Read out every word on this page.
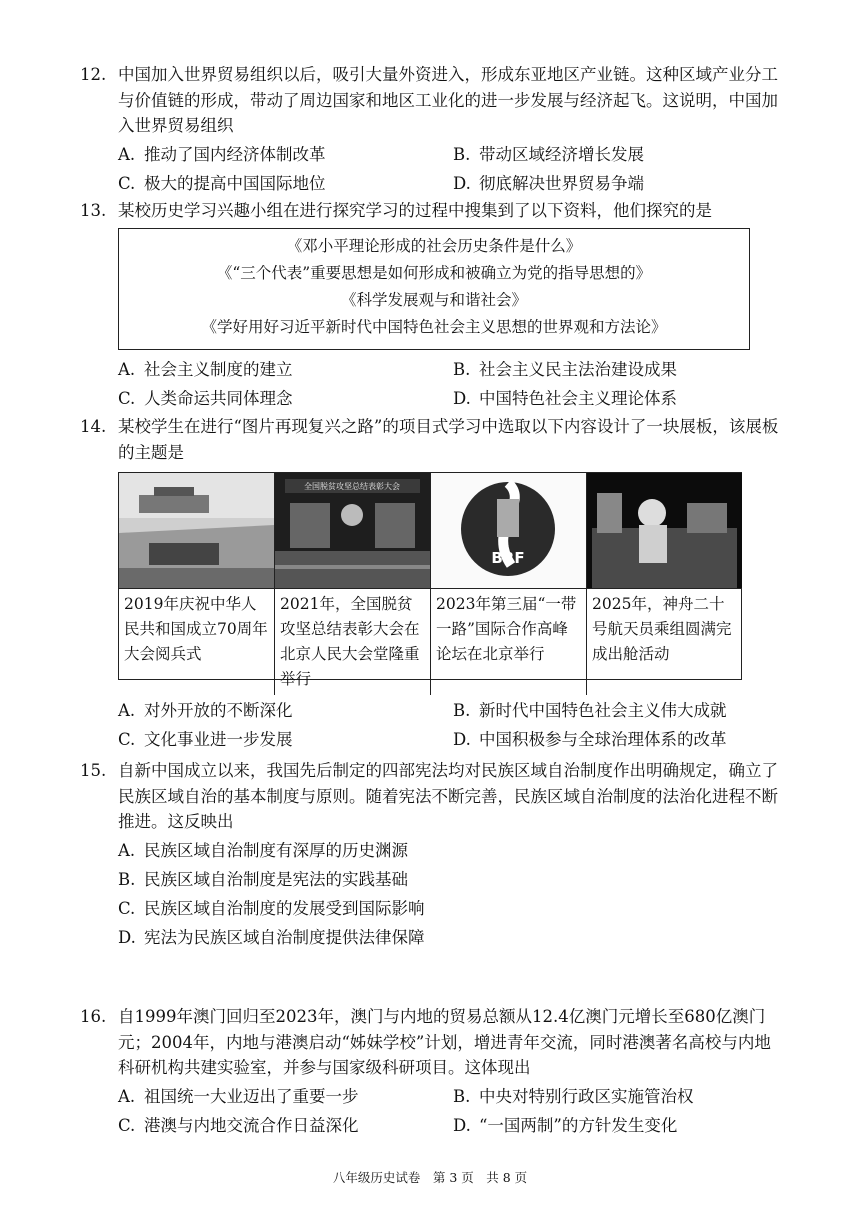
12. 中国加入世界贸易组织以后，吸引大量外资进入，形成东亚地区产业链。这种区域产业分工与价值链的形成，带动了周边国家和地区工业化的进一步发展与经济起飞。这说明，中国加入世界贸易组织

A. 推动了国内经济体制改革	B. 带动区域经济增长发展
C. 极大的提高中国国际地位	D. 彻底解决世界贸易争端

13. 某校历史学习兴趣小组在进行探究学习的过程中搜集到了以下资料，他们探究的是

《邓小平理论形成的社会历史条件是什么》
《“三个代表”重要思想是如何形成和被确立为党的指导思想的》
《科学发展观与和谐社会》
《学好用好习近平新时代中国特色社会主义思想的世界观和方法论》
A. 社会主义制度的建立	B. 社会主义民主法治建设成果
C. 人类命运共同体理念	D. 中国特色社会主义理论体系

14. 某校学生在进行“图片再现复兴之路”的项目式学习中选取以下内容设计了一块展板，该展板的主题是

2019年庆祝中华人民共和国成立70周年大会阅兵式
全国脱贫攻坚总结表彰大会
2021年，全国脱贫攻坚总结表彰大会在北京人民大会堂隆重举行
BRF
2023年第三届“一带一路”国际合作高峰论坛在北京举行
2025年，神舟二十号航天员乘组圆满完成出舱活动
A. 对外开放的不断深化	B. 新时代中国特色社会主义伟大成就
C. 文化事业进一步发展	D. 中国积极参与全球治理体系的改革

15. 自新中国成立以来，我国先后制定的四部宪法均对民族区域自治制度作出明确规定，确立了民族区域自治的基本制度与原则。随着宪法不断完善，民族区域自治制度的法治化进程不断推进。这反映出

A. 民族区域自治制度有深厚的历史渊源
B. 民族区域自治制度是宪法的实践基础
C. 民族区域自治制度的发展受到国际影响
D. 宪法为民族区域自治制度提供法律保障

16. 自1999年澳门回归至2023年，澳门与内地的贸易总额从12.4亿澳门元增长至680亿澳门元；2004年，内地与港澳启动“姊妹学校”计划，增进青年交流，同时港澳著名高校与内地科研机构共建实验室，并参与国家级科研项目。这体现出

A. 祖国统一大业迈出了重要一步	B. 中央对特别行政区实施管治权
C. 港澳与内地交流合作日益深化	D. “一国两制”的方针发生变化
八年级历史试卷　第 3 页　共 8 页
